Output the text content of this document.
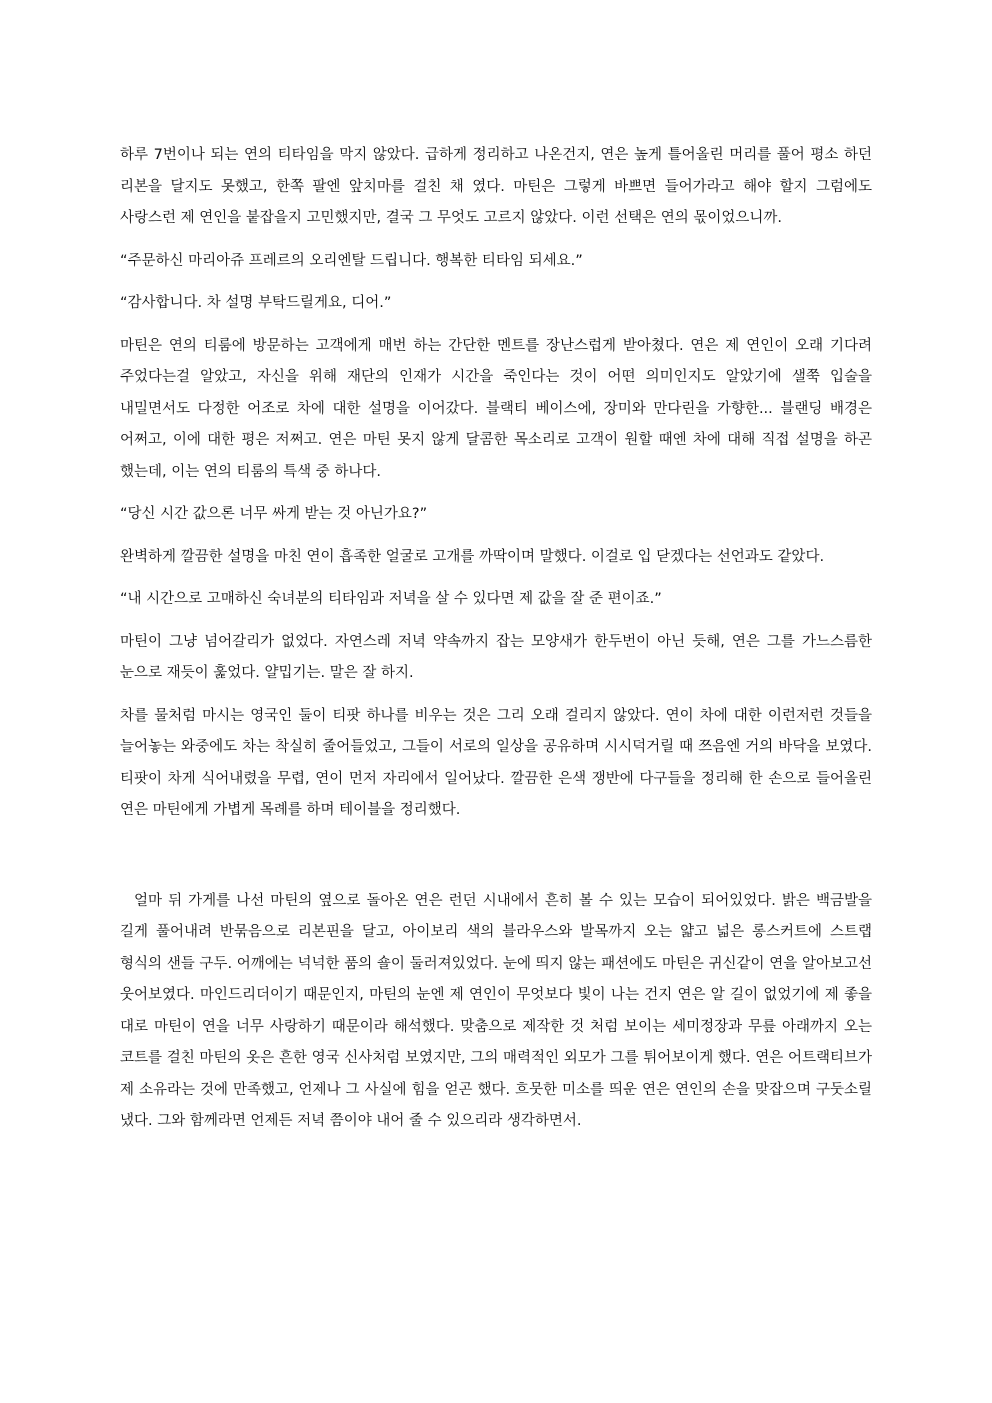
하루 7번이나 되는 연의 티타임을 막지 않았다. 급하게 정리하고 나온건지, 연은 높게 틀어올린 머리를 풀어 평소 하던 리본을 달지도 못했고, 한쪽 팔엔 앞치마를 걸친 채 였다. 마틴은 그렇게 바쁘면 들어가라고 해야 할지 그럼에도 사랑스런 제 연인을 붙잡을지 고민했지만, 결국 그 무엇도 고르지 않았다. 이런 선택은 연의 몫이었으니까.

“주문하신 마리아쥬 프레르의 오리엔탈 드립니다. 행복한 티타임 되세요.”

“감사합니다. 차 설명 부탁드릴게요, 디어.”

마틴은 연의 티룸에 방문하는 고객에게 매번 하는 간단한 멘트를 장난스럽게 받아쳤다. 연은 제 연인이 오래 기다려 주었다는걸 알았고, 자신을 위해 재단의 인재가 시간을 죽인다는 것이 어떤 의미인지도 알았기에 샐쭉 입술을 내밀면서도 다정한 어조로 차에 대한 설명을 이어갔다. 블랙티 베이스에, 장미와 만다린을 가향한... 블랜딩 배경은 어쩌고, 이에 대한 평은 저쩌고. 연은 마틴 못지 않게 달콤한 목소리로 고객이 원할 때엔 차에 대해 직접 설명을 하곤 했는데, 이는 연의 티룸의 특색 중 하나다.

“당신 시간 값으론 너무 싸게 받는 것 아닌가요?”

완벽하게 깔끔한 설명을 마친 연이 흡족한 얼굴로 고개를 까딱이며 말했다. 이걸로 입 닫겠다는 선언과도 같았다.

“내 시간으로 고매하신 숙녀분의 티타임과 저녁을 살 수 있다면 제 값을 잘 준 편이죠.”

마틴이 그냥 넘어갈리가 없었다. 자연스레 저녁 약속까지 잡는 모양새가 한두번이 아닌 듯해, 연은 그를 가느스름한 눈으로 재듯이 훑었다. 얄밉기는. 말은 잘 하지.

차를 물처럼 마시는 영국인 둘이 티팟 하나를 비우는 것은 그리 오래 걸리지 않았다. 연이 차에 대한 이런저런 것들을 늘어놓는 와중에도 차는 착실히 줄어들었고, 그들이 서로의 일상을 공유하며 시시덕거릴 때 쯔음엔 거의 바닥을 보였다. 티팟이 차게 식어내렸을 무렵, 연이 먼저 자리에서 일어났다. 깔끔한 은색 쟁반에 다구들을 정리해 한 손으로 들어올린 연은 마틴에게 가볍게 목례를 하며 테이블을 정리했다.

얼마 뒤 가게를 나선 마틴의 옆으로 돌아온 연은 런던 시내에서 흔히 볼 수 있는 모습이 되어있었다. 밝은 백금발을 길게 풀어내려 반묶음으로 리본핀을 달고, 아이보리 색의 블라우스와 발목까지 오는 얇고 넓은 롱스커트에 스트랩 형식의 샌들 구두. 어깨에는 넉넉한 품의 숄이 둘러져있었다. 눈에 띄지 않는 패션에도 마틴은 귀신같이 연을 알아보고선 웃어보였다. 마인드리더이기 때문인지, 마틴의 눈엔 제 연인이 무엇보다 빛이 나는 건지 연은 알 길이 없었기에 제 좋을 대로 마틴이 연을 너무 사랑하기 때문이라 해석했다. 맞춤으로 제작한 것 처럼 보이는 세미정장과 무릎 아래까지 오는 코트를 걸친 마틴의 옷은 흔한 영국 신사처럼 보였지만, 그의 매력적인 외모가 그를 튀어보이게 했다. 연은 어트랙티브가 제 소유라는 것에 만족했고, 언제나 그 사실에 힘을 얻곤 했다. 흐뭇한 미소를 띄운 연은 연인의 손을 맞잡으며 구둣소릴 냈다. 그와 함께라면 언제든 저녁 쯤이야 내어 줄 수 있으리라 생각하면서.
